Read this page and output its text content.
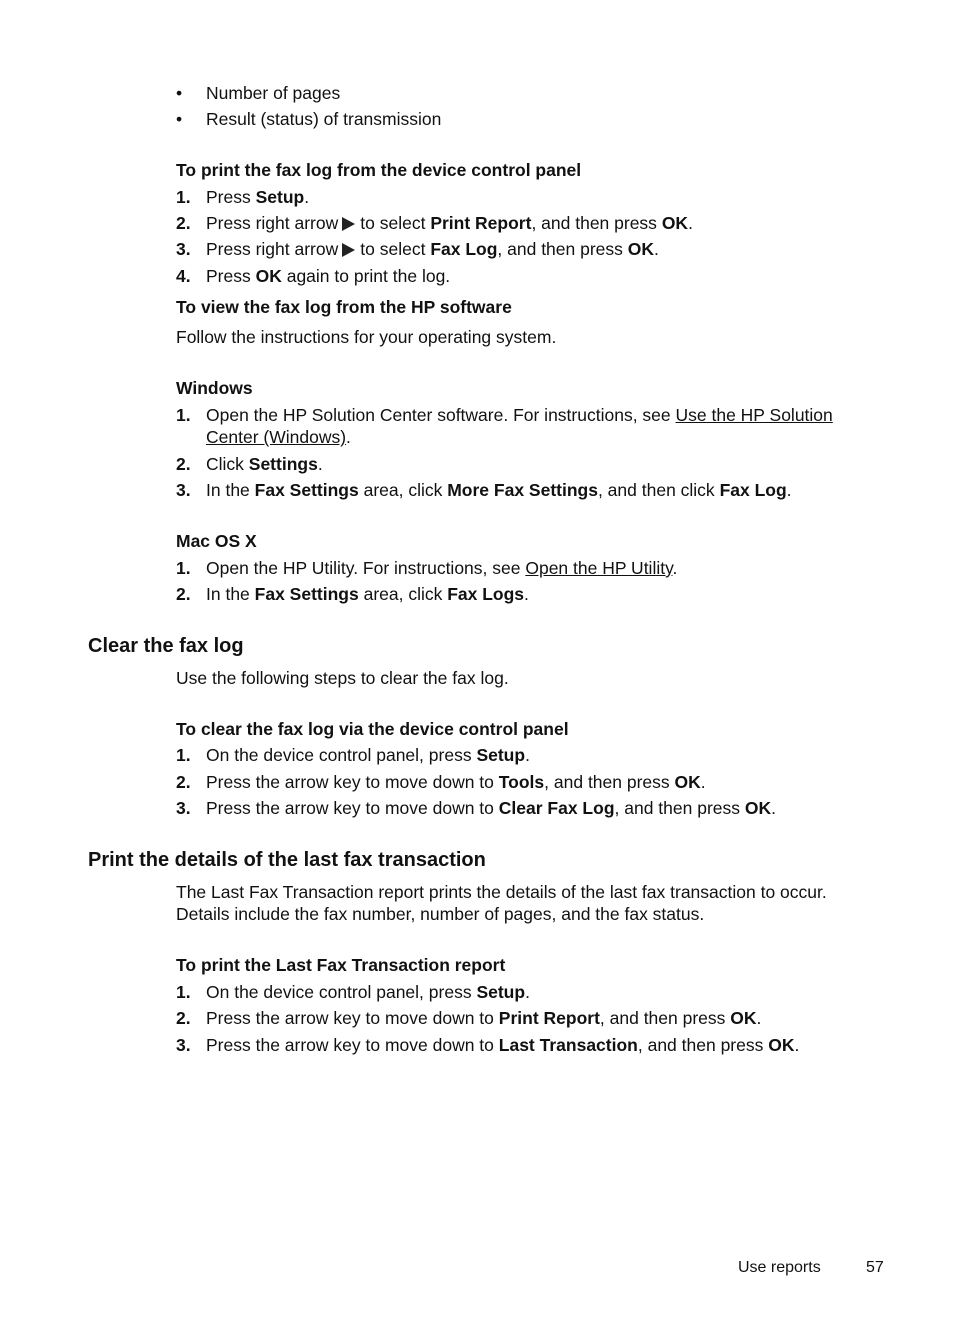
• Number of pages
• Result (status) of transmission
To print the fax log from the device control panel
1. Press Setup.
2. Press right arrow to select Print Report, and then press OK.
3. Press right arrow to select Fax Log, and then press OK.
4. Press OK again to print the log.
To view the fax log from the HP software
Follow the instructions for your operating system.
Windows
1. Open the HP Solution Center software. For instructions, see Use the HP Solution
Center (Windows).
2. Click Settings.
3. In the Fax Settings area, click More Fax Settings, and then click Fax Log.
Mac OS X
1. Open the HP Utility. For instructions, see Open the HP Utility.
2. In the Fax Settings area, click Fax Logs.
Clear the fax log
Use the following steps to clear the fax log.
To clear the fax log via the device control panel
1. On the device control panel, press Setup.
2. Press the arrow key to move down to Tools, and then press OK.
3. Press the arrow key to move down to Clear Fax Log, and then press OK.
Print the details of the last fax transaction
The Last Fax Transaction report prints the details of the last fax transaction to occur.
Details include the fax number, number of pages, and the fax status.
To print the Last Fax Transaction report
1. On the device control panel, press Setup.
2. Press the arrow key to move down to Print Report, and then press OK.
3. Press the arrow key to move down to Last Transaction, and then press OK.
Use reports	57
